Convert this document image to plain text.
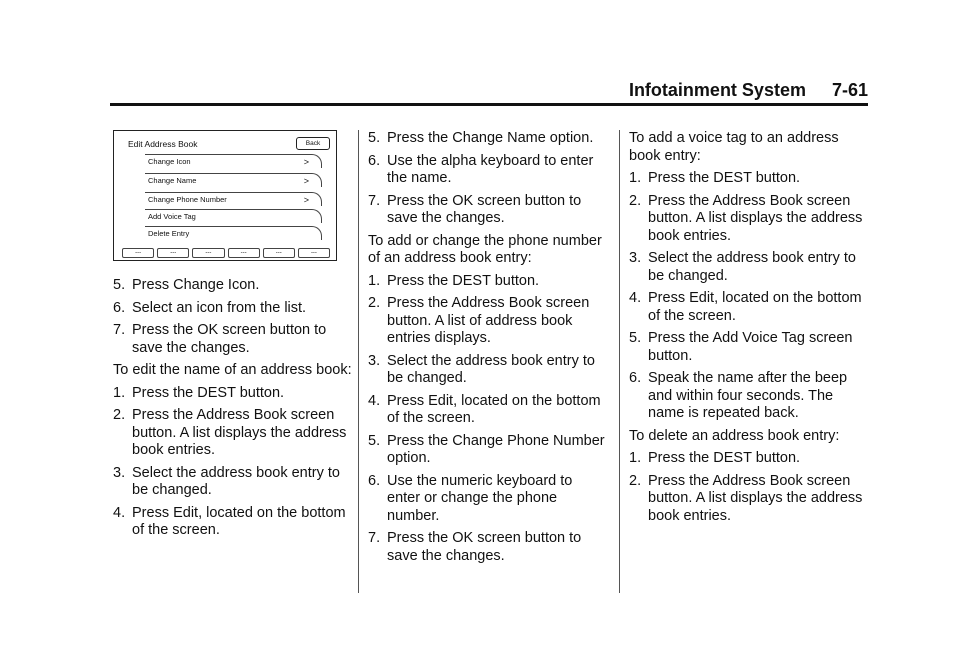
Infotainment System 7-61
Edit Address Book	Back
Change Icon	>
Change Name	>
Change Phone Number	>
Add Voice Tag
Delete Entry
---	---	---	---	---	---
5. Press Change Icon.
6. Select an icon from the list.
7. Press the OK screen button to save the changes.

To edit the name of an address book:

1. Press the DEST button.
2. Press the Address Book screen button. A list displays the address book entries.
3. Select the address book entry to be changed.
4. Press Edit, located on the bottom of the screen.
5. Press the Change Name option.
6. Use the alpha keyboard to enter the name.
7. Press the OK screen button to save the changes.

To add or change the phone number of an address book entry:

1. Press the DEST button.
2. Press the Address Book screen button. A list of address book entries displays.
3. Select the address book entry to be changed.
4. Press Edit, located on the bottom of the screen.
5. Press the Change Phone Number option.
6. Use the numeric keyboard to enter or change the phone number.
7. Press the OK screen button to save the changes.

To add a voice tag to an address book entry:

1. Press the DEST button.
2. Press the Address Book screen button. A list displays the address book entries.
3. Select the address book entry to be changed.
4. Press Edit, located on the bottom of the screen.
5. Press the Add Voice Tag screen button.
6. Speak the name after the beep and within four seconds. The name is repeated back.

To delete an address book entry:

1. Press the DEST button.
2. Press the Address Book screen button. A list displays the address book entries.
